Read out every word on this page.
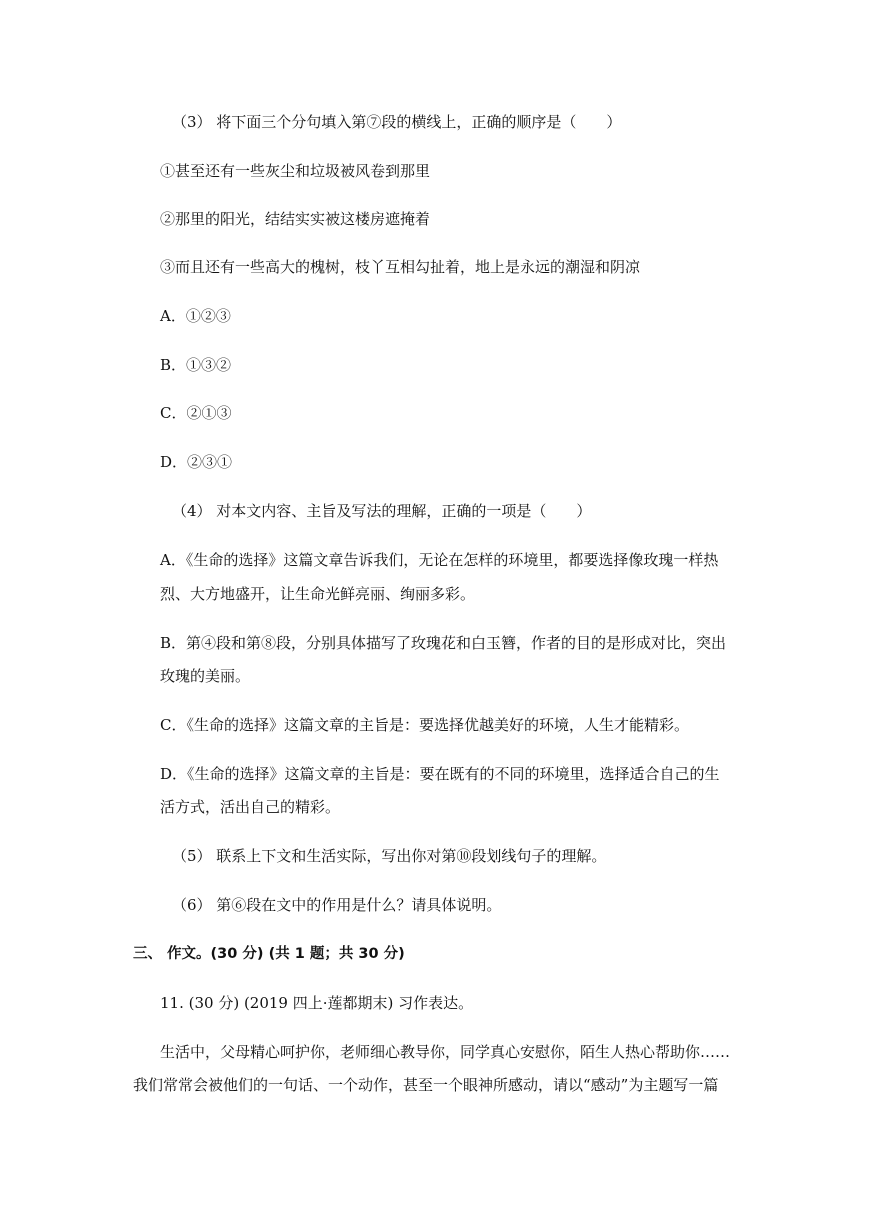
（3） 将下面三个分句填入第⑦段的横线上，正确的顺序是（　　）
①甚至还有一些灰尘和垃圾被风卷到那里
②那里的阳光，结结实实被这楼房遮掩着
③而且还有一些高大的槐树，枝丫互相勾扯着，地上是永远的潮湿和阴凉
A．①②③
B．①③②
C．②①③
D．②③①
（4） 对本文内容、主旨及写法的理解，正确的一项是（　　）
A．《生命的选择》这篇文章告诉我们，无论在怎样的环境里，都要选择像玫瑰一样热
烈、大方地盛开，让生命光鲜亮丽、绚丽多彩。
B．第④段和第⑧段，分别具体描写了玫瑰花和白玉簪，作者的目的是形成对比，突出
玫瑰的美丽。
C．《生命的选择》这篇文章的主旨是：要选择优越美好的环境，人生才能精彩。
D．《生命的选择》这篇文章的主旨是：要在既有的不同的环境里，选择适合自己的生
活方式，活出自己的精彩。
（5） 联系上下文和生活实际，写出你对第⑩段划线句子的理解。
（6） 第⑥段在文中的作用是什么？请具体说明。
三、 作文。(30 分) (共 1 题；共 30 分)
11. (30 分) (2019 四上·莲都期末) 习作表达。
生活中，父母精心呵护你，老师细心教导你，同学真心安慰你，陌生人热心帮助你……
我们常常会被他们的一句话、一个动作，甚至一个眼神所感动，请以“感动”为主题写一篇
